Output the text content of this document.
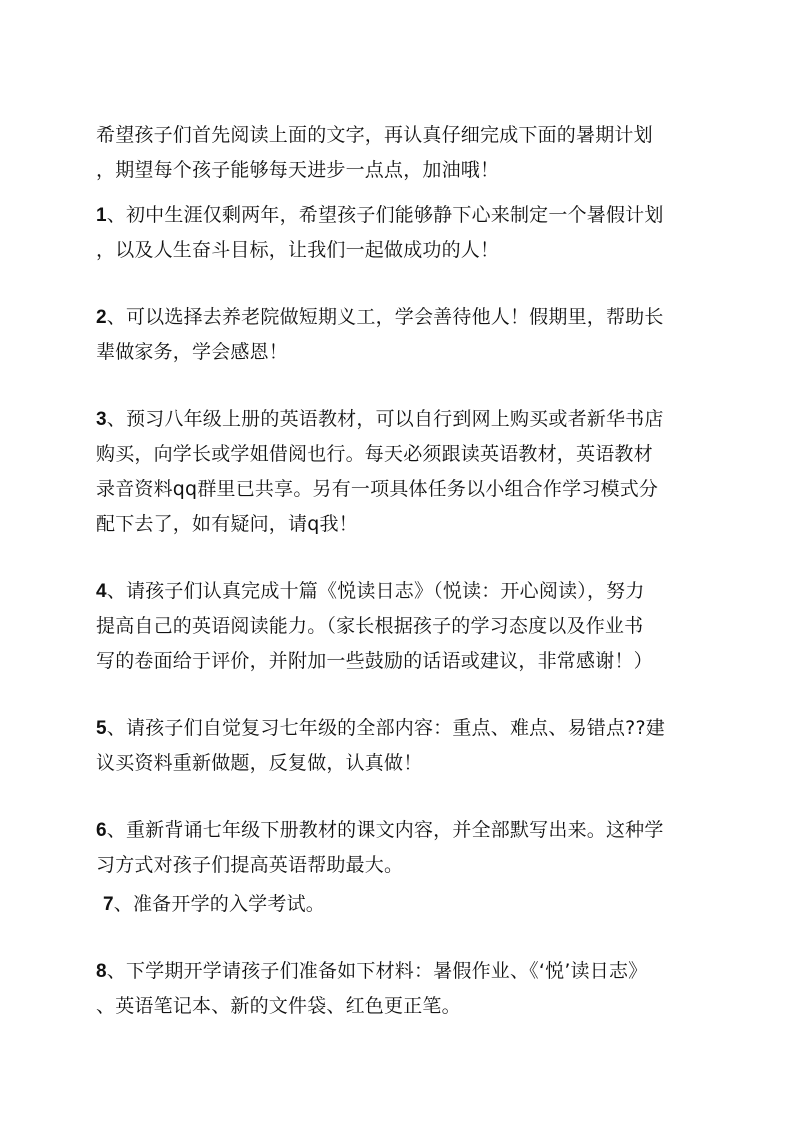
希望孩子们首先阅读上面的文字，再认真仔细完成下面的暑期计划
，期望每个孩子能够每天进步一点点，加油哦！

1、初中生涯仅剩两年，希望孩子们能够静下心来制定一个暑假计划
，以及人生奋斗目标，让我们一起做成功的人！

2、可以选择去养老院做短期义工，学会善待他人！假期里，帮助长
辈做家务，学会感恩！

3、预习八年级上册的英语教材，可以自行到网上购买或者新华书店
购买，向学长或学姐借阅也行。每天必须跟读英语教材，英语教材
录音资料qq群里已共享。另有一项具体任务以小组合作学习模式分
配下去了，如有疑问，请q我！

4、请孩子们认真完成十篇《悦读日志》（悦读：开心阅读），努力
提高自己的英语阅读能力。（家长根据孩子的学习态度以及作业书
写的卷面给于评价，并附加一些鼓励的话语或建议，非常感谢！）

5、请孩子们自觉复习七年级的全部内容：重点、难点、易错点??建
议买资料重新做题，反复做，认真做！

6、重新背诵七年级下册教材的课文内容，并全部默写出来。这种学
习方式对孩子们提高英语帮助最大。

7、准备开学的入学考试。

8、下学期开学请孩子们准备如下材料：暑假作业、《‘悦’读日志》
、英语笔记本、新的文件袋、红色更正笔。
